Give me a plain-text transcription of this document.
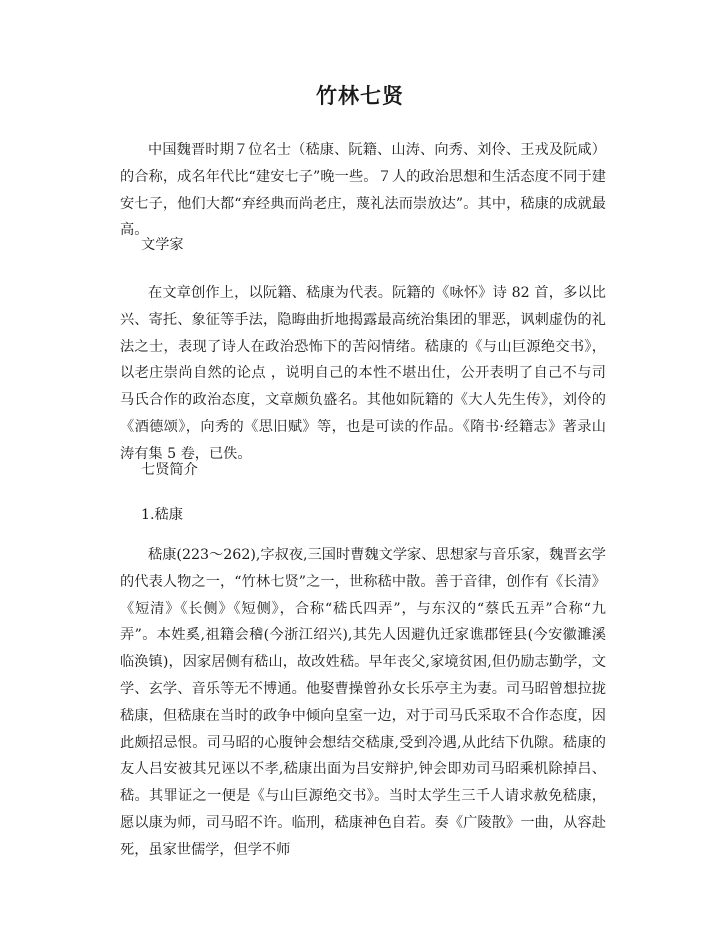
竹林七贤

中国魏晋时期７位名士（嵇康、阮籍、山涛、向秀、刘伶、王戎及阮咸）的合称，成名年代比“建安七子”晚一些。７人的政治思想和生活态度不同于建安七子，他们大都“弃经典而尚老庄，蔑礼法而崇放达”。其中，嵇康的成就最高。

文学家

在文章创作上，以阮籍、嵇康为代表。阮籍的《咏怀》诗 82 首，多以比兴、寄托、象征等手法，隐晦曲折地揭露最高统治集团的罪恶，讽刺虚伪的礼法之士，表现了诗人在政治恐怖下的苦闷情绪。嵇康的《与山巨源绝交书》，以老庄崇尚自然的论点 ，说明自己的本性不堪出仕，公开表明了自己不与司马氏合作的政治态度，文章颇负盛名。其他如阮籍的《大人先生传》，刘伶的《酒德颂》，向秀的《思旧赋》等，也是可读的作品。《隋书·经籍志》著录山涛有集 5 卷，已佚。

七贤简介

1.嵇康

嵇康(223～262),字叔夜,三国时曹魏文学家、思想家与音乐家，魏晋玄学的代表人物之一，“竹林七贤”之一，世称嵇中散。善于音律，创作有《长清》《短清》《长侧》《短侧》，合称“嵇氏四弄”，与东汉的“蔡氏五弄”合称“九弄”。本姓奚,祖籍会稽(今浙江绍兴),其先人因避仇迁家谯郡铚县(今安徽濉溪临涣镇)，因家居侧有嵇山，故改姓嵇。早年丧父,家境贫困,但仍励志勤学，文学、玄学、音乐等无不博通。他娶曹操曾孙女长乐亭主为妻。司马昭曾想拉拢嵇康，但嵇康在当时的政争中倾向皇室一边，对于司马氏采取不合作态度，因此颇招忌恨。司马昭的心腹钟会想结交嵇康,受到冷遇,从此结下仇隙。嵇康的友人吕安被其兄诬以不孝,嵇康出面为吕安辩护,钟会即劝司马昭乘机除掉吕、嵇。其罪证之一便是《与山巨源绝交书》。当时太学生三千人请求赦免嵇康，愿以康为师，司马昭不许。临刑，嵇康神色自若。奏《广陵散》一曲，从容赴死，虽家世儒学，但学不师
